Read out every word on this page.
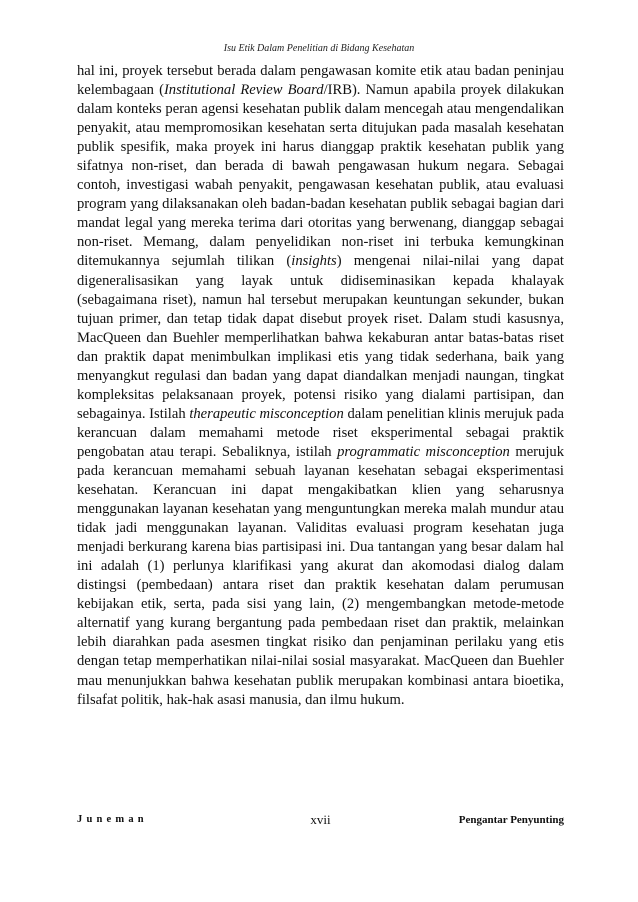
Isu Etik Dalam Penelitian di Bidang Kesehatan

hal ini, proyek tersebut berada dalam pengawasan komite etik atau badan peninjau kelembagaan (Institutional Review Board/IRB). Namun apabila proyek dilakukan dalam konteks peran agensi kesehatan publik dalam mencegah atau mengendalikan penyakit, atau mempromosikan kesehatan serta ditujukan pada masalah kesehatan publik spesifik, maka proyek ini harus dianggap praktik kesehatan publik yang sifatnya non-riset, dan berada di bawah pengawasan hukum negara. Sebagai contoh, investigasi wabah penyakit, pengawasan kesehatan publik, atau evaluasi program yang dilaksanakan oleh badan-badan kesehatan publik sebagai bagian dari mandat legal yang mereka terima dari otoritas yang berwenang, dianggap sebagai non-riset. Memang, dalam penyelidikan non-riset ini terbuka kemungkinan ditemukannya sejumlah tilikan (insights) mengenai nilai-nilai yang dapat digeneralisasikan yang layak untuk didiseminasikan kepada khalayak (sebagaimana riset), namun hal tersebut merupakan keuntungan sekunder, bukan tujuan primer, dan tetap tidak dapat disebut proyek riset. Dalam studi kasusnya, MacQueen dan Buehler memperlihatkan bahwa kekaburan antar batas-batas riset dan praktik dapat menimbulkan implikasi etis yang tidak sederhana, baik yang menyangkut regulasi dan badan yang dapat diandalkan menjadi naungan, tingkat kompleksitas pelaksanaan proyek, potensi risiko yang dialami partisipan, dan sebagainya. Istilah therapeutic misconception dalam penelitian klinis merujuk pada kerancuan dalam memahami metode riset eksperimental sebagai praktik pengobatan atau terapi. Sebaliknya, istilah programmatic misconception merujuk pada kerancuan memahami sebuah layanan kesehatan sebagai eksperimentasi kesehatan. Kerancuan ini dapat mengakibatkan klien yang seharusnya menggunakan layanan kesehatan yang menguntungkan mereka malah mundur atau tidak jadi menggunakan layanan. Validitas evaluasi program kesehatan juga menjadi berkurang karena bias partisipasi ini. Dua tantangan yang besar dalam hal ini adalah (1) perlunya klarifikasi yang akurat dan akomodasi dialog dalam distingsi (pembedaan) antara riset dan praktik kesehatan dalam perumusan kebijakan etik, serta, pada sisi yang lain, (2) mengembangkan metode-metode alternatif yang kurang bergantung pada pembedaan riset dan praktik, melainkan lebih diarahkan pada asesmen tingkat risiko dan penjaminan perilaku yang etis dengan tetap memperhatikan nilai-nilai sosial masyarakat. MacQueen dan Buehler mau menunjukkan bahwa kesehatan publik merupakan kombinasi antara bioetika, filsafat politik, hak-hak asasi manusia, dan ilmu hukum.

Juneman	xvii	Pengantar Penyunting
